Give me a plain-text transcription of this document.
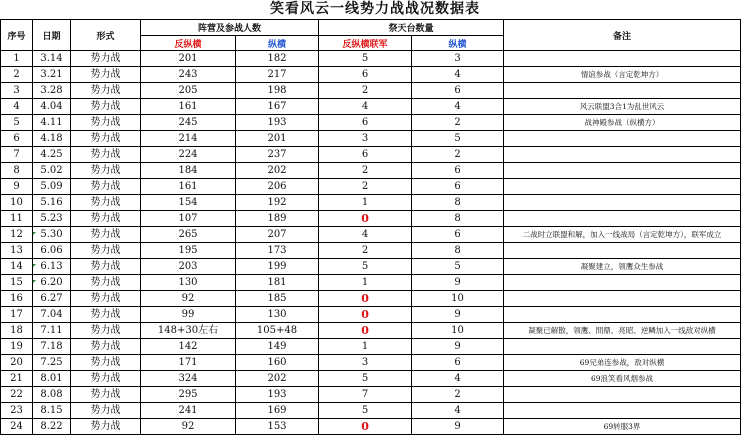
笑看风云一线势力战战况数据表
序号	日期	形式	阵营及参战人数		祭天台数量		备注
			反纵横	纵横	反纵横联军	纵横	
1	3.14	势力战	201	182	5	3	
2	3.21	势力战	243	217	6	4	情谊参战（言定乾坤方）
3	3.28	势力战	205	198	2	6	
4	4.04	势力战	161	167	4	4	风云联盟3合1为乱世风云
5	4.11	势力战	245	193	6	2	战神殿参战（纵横方）
6	4.18	势力战	214	201	3	5	
7	4.25	势力战	224	237	6	2	
8	5.02	势力战	184	202	2	6	
9	5.09	势力战	161	206	2	6	
10	5.16	势力战	154	192	1	8	
11	5.23	势力战	107	189	0	8	
12	5.30	势力战	265	207	4	6	二战时立联盟和解，加入一线战局（言定乾坤方），联军成立
13	6.06	势力战	195	173	2	8	
14	6.13	势力战	203	199	5	5	凝聚建立，领鹰众生参战
15	6.20	势力战	130	181	1	9	
16	6.27	势力战	92	185	0	10	
17	7.04	势力战	99	130	0	9	
18	7.11	势力战	148+30左右	105+48	0	10	凝聚已解散，领鹰、問鼎、亮昭、逆鳞加入一线敌对纵横
19	7.18	势力战	142	149	1	9	
20	7.25	势力战	171	160	3	6	69兄弟连参战，敌对纵横
21	8.01	势力战	324	202	5	4	69浪笑看风烟参战
22	8.08	势力战	295	193	7	2	
23	8.15	势力战	241	169	5	4	
24	8.22	势力战	92	153	0	9	69转服3界
